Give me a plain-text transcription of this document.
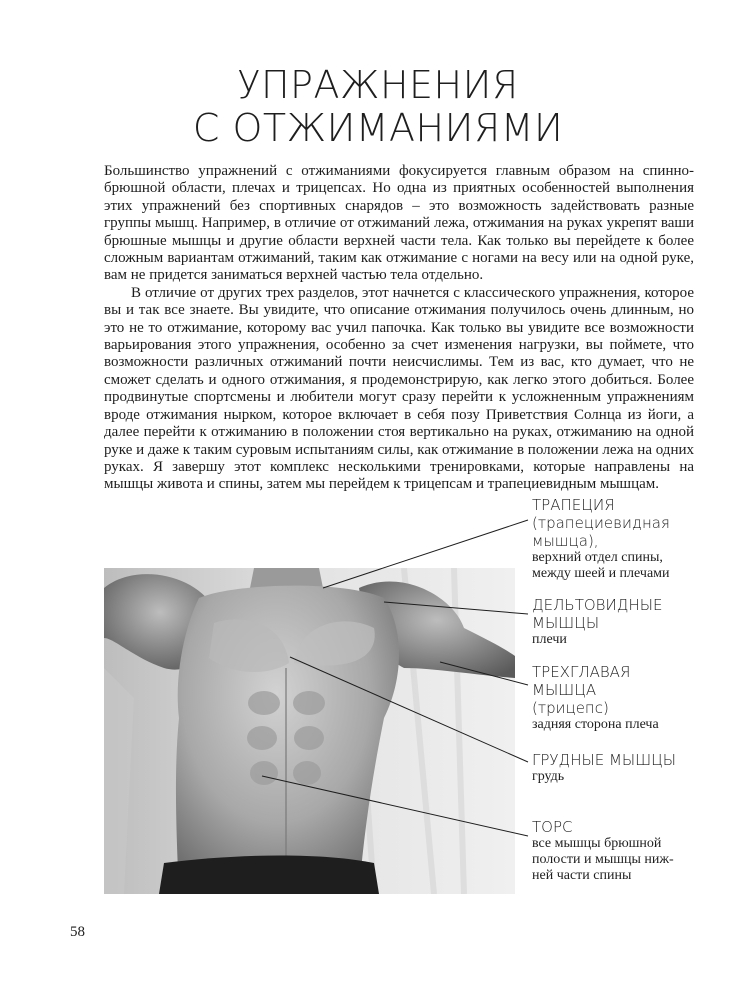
УПРАЖНЕНИЯ
С ОТЖИМАНИЯМИ

Большинство упражнений с отжиманиями фокусируется главным образом на спинно-брюшной области, плечах и трицепсах. Но одна из приятных особенностей выполнения этих упражнений без спортивных снарядов – это возможность задействовать разные группы мышц. Например, в отличие от отжиманий лежа, отжимания на руках укрепят ваши брюшные мышцы и другие области верхней части тела. Как только вы перейдете к более сложным вариантам отжиманий, таким как отжимание с ногами на весу или на одной руке, вам не придется заниматься верхней частью тела отдельно.

В отличие от других трех разделов, этот начнется с классического упражнения, которое вы и так все знаете. Вы увидите, что описание отжимания получилось очень длинным, но это не то отжимание, которому вас учил папочка. Как только вы увидите все возможности варьирования этого упражнения, особенно за счет изменения нагрузки, вы поймете, что возможности различных отжиманий почти неисчислимы. Тем из вас, кто думает, что не сможет сделать и одного отжимания, я продемонстрирую, как легко этого добиться. Более продвинутые спортсмены и любители могут сразу перейти к усложненным упражнениям вроде отжимания нырком, которое включает в себя позу Приветствия Солнца из йоги, а далее перейти к отжиманию в положении стоя вертикально на руках, отжиманию на одной руке и даже к таким суровым испытаниям силы, как отжимание в положении лежа на одних руках. Я завершу этот комплекс несколькими тренировками, которые направлены на мышцы живота и спины, затем мы перейдем к трицепсам и трапециевидным мышцам.

ТРАПЕЦИЯ
(трапециевидная
мышца),
верхний отдел спины,
между шеей и плечами
ДЕЛЬТОВИДНЫЕ
МЫШЦЫ
плечи
ТРЕХГЛАВАЯ
МЫШЦА
(трицепс)
задняя сторона плеча
ГРУДНЫЕ МЫШЦЫ
грудь
ТОРС
все мышцы брюшной
полости и мышцы ниж-
ней части спины
58
